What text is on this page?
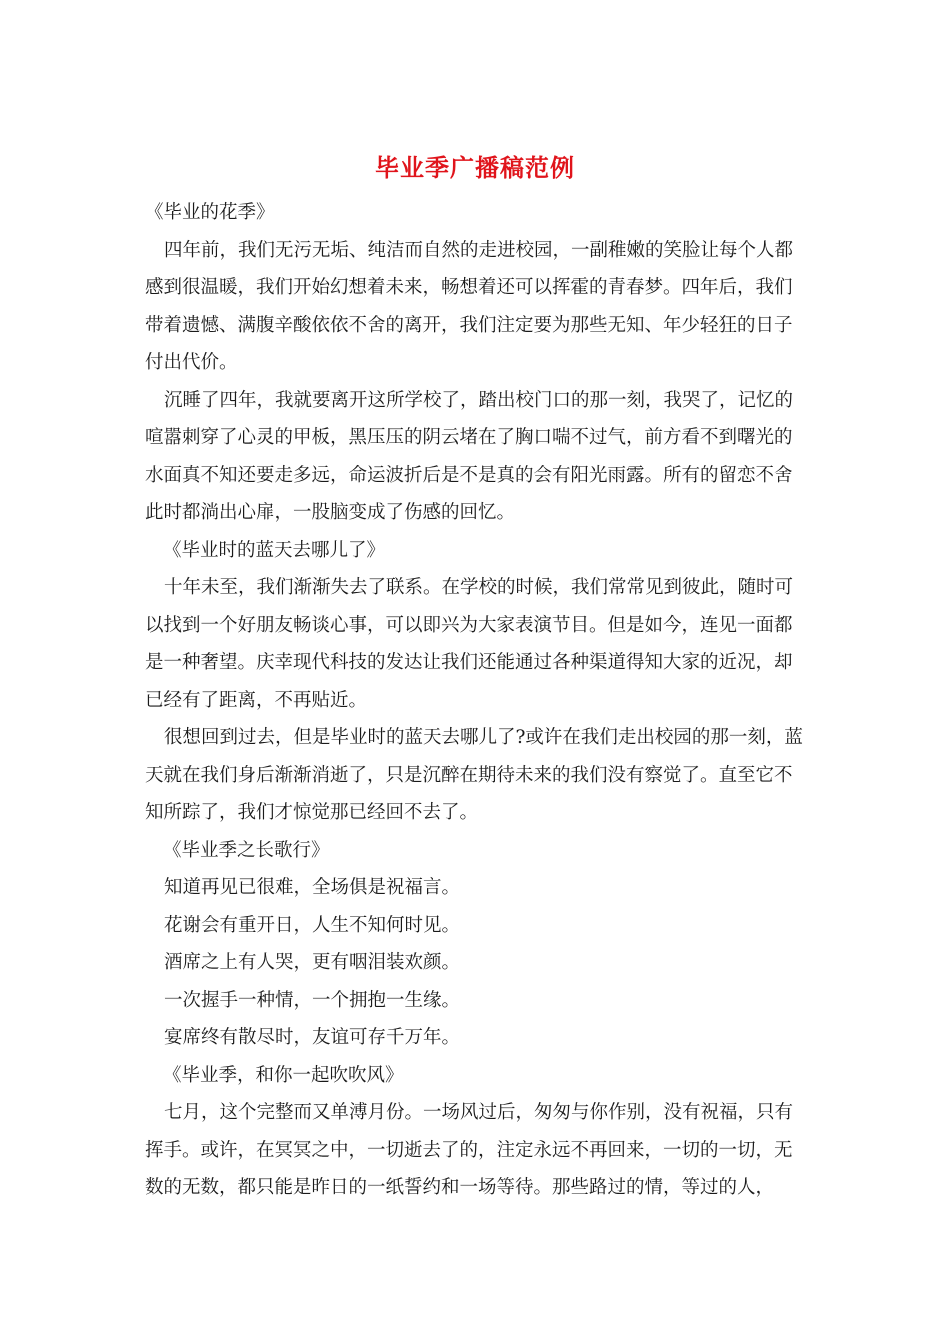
毕业季广播稿范例

《毕业的花季》

四年前，我们无污无垢、纯洁而自然的走进校园，一副稚嫩的笑脸让每个人都感到很温暖，我们开始幻想着未来，畅想着还可以挥霍的青春梦。四年后，我们带着遗憾、满腹辛酸依依不舍的离开，我们注定要为那些无知、年少轻狂的日子付出代价。

沉睡了四年，我就要离开这所学校了，踏出校门口的那一刻，我哭了，记忆的喧嚣刺穿了心灵的甲板，黑压压的阴云堵在了胸口喘不过气，前方看不到曙光的水面真不知还要走多远，命运波折后是不是真的会有阳光雨露。所有的留恋不舍此时都淌出心扉，一股脑变成了伤感的回忆。

《毕业时的蓝天去哪儿了》

十年未至，我们渐渐失去了联系。在学校的时候，我们常常见到彼此，随时可以找到一个好朋友畅谈心事，可以即兴为大家表演节目。但是如今，连见一面都是一种奢望。庆幸现代科技的发达让我们还能通过各种渠道得知大家的近况，却已经有了距离，不再贴近。

很想回到过去，但是毕业时的蓝天去哪儿了?或许在我们走出校园的那一刻，蓝天就在我们身后渐渐消逝了，只是沉醉在期待未来的我们没有察觉了。直至它不知所踪了，我们才惊觉那已经回不去了。

《毕业季之长歌行》

知道再见已很难，全场俱是祝福言。

花谢会有重开日，人生不知何时见。

酒席之上有人哭，更有咽泪装欢颜。

一次握手一种情，一个拥抱一生缘。

宴席终有散尽时，友谊可存千万年。

《毕业季，和你一起吹吹风》

七月，这个完整而又单溥月份。一场风过后，匆匆与你作别，没有祝福，只有挥手。或许，在冥冥之中，一切逝去了的，注定永远不再回来，一切的一切，无数的无数，都只能是昨日的一纸誓约和一场等待。那些路过的情，等过的人，
